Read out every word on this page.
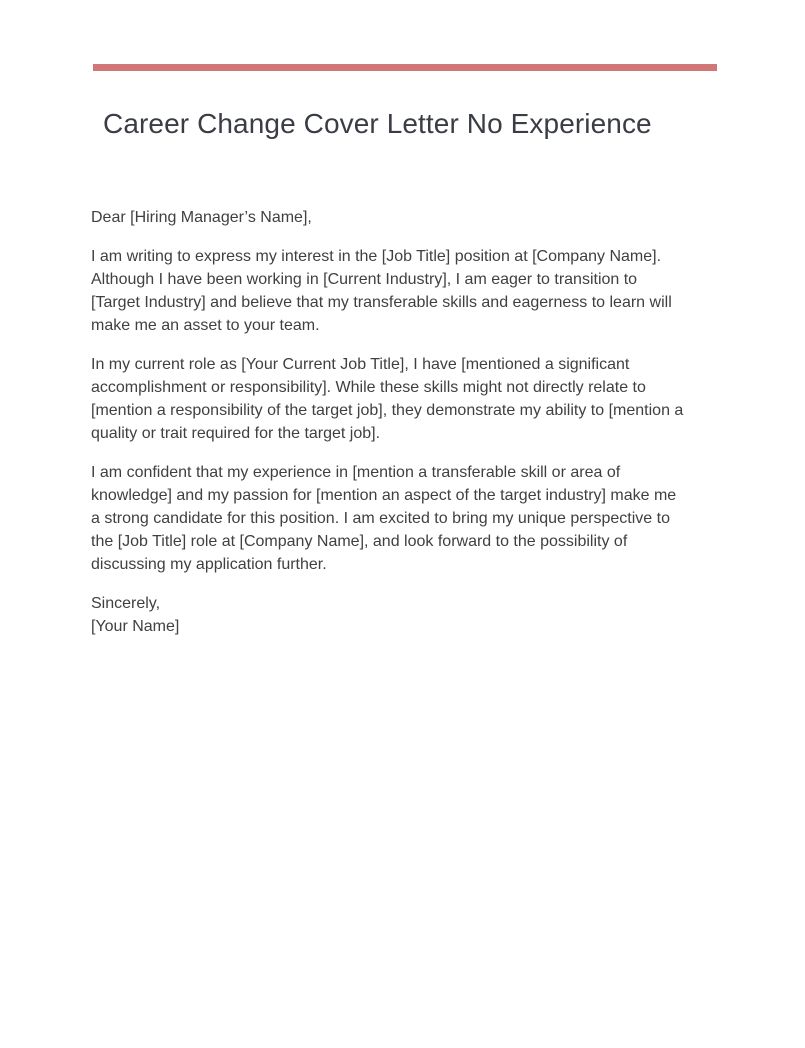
Career Change Cover Letter No Experience

Dear [Hiring Manager’s Name],

I am writing to express my interest in the [Job Title] position at [Company Name].
Although I have been working in [Current Industry], I am eager to transition to
[Target Industry] and believe that my transferable skills and eagerness to learn will
make me an asset to your team.

In my current role as [Your Current Job Title], I have [mentioned a significant
accomplishment or responsibility]. While these skills might not directly relate to
[mention a responsibility of the target job], they demonstrate my ability to [mention a
quality or trait required for the target job].

I am confident that my experience in [mention a transferable skill or area of
knowledge] and my passion for [mention an aspect of the target industry] make me
a strong candidate for this position. I am excited to bring my unique perspective to
the [Job Title] role at [Company Name], and look forward to the possibility of
discussing my application further.

Sincerely,
[Your Name]
